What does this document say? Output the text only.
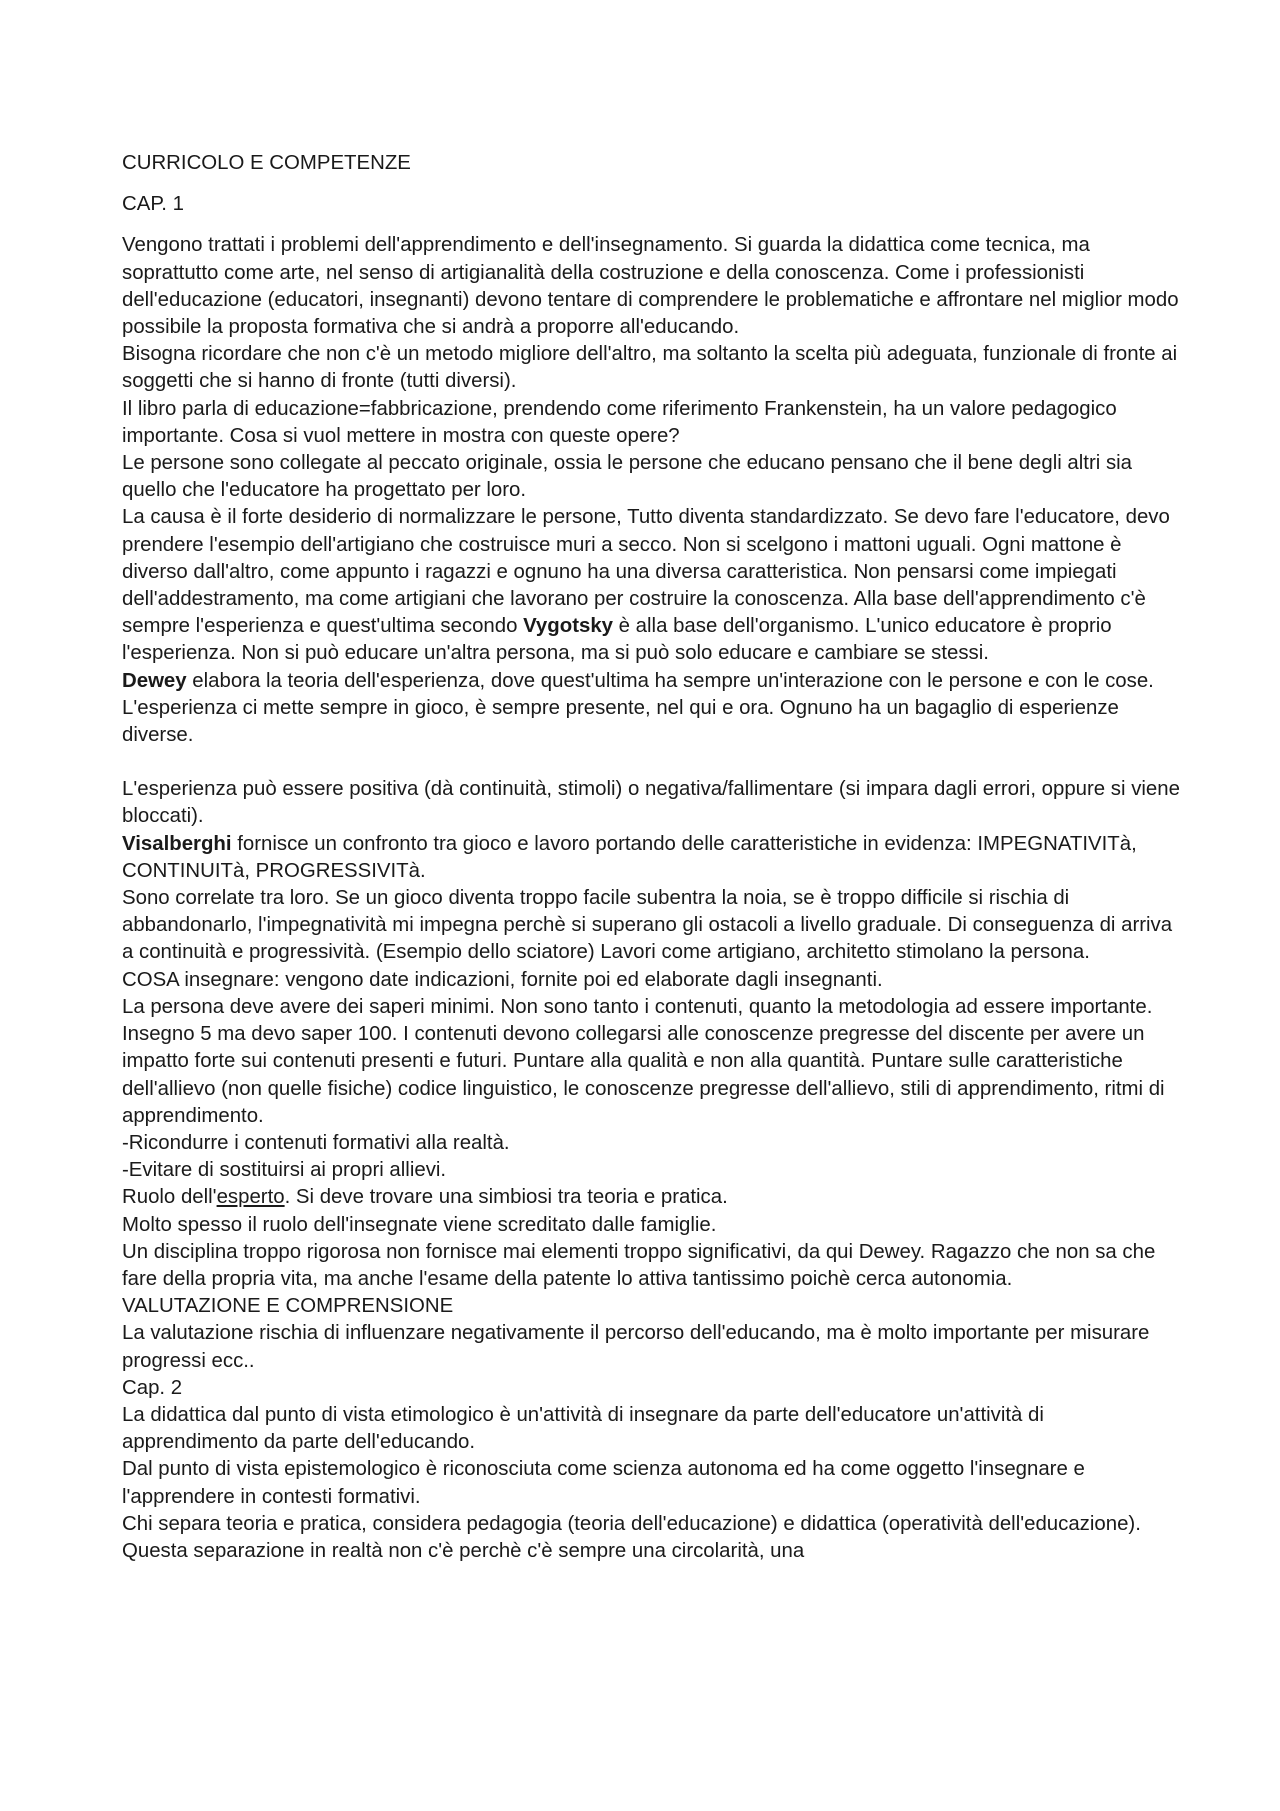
CURRICOLO E COMPETENZE

CAP. 1

Vengono trattati i problemi dell'apprendimento e dell'insegnamento. Si guarda la didattica come tecnica, ma soprattutto come arte, nel senso di artigianalità della costruzione e della conoscenza. Come i professionisti dell'educazione (educatori, insegnanti) devono tentare di comprendere le problematiche e affrontare nel miglior modo possibile la proposta formativa che si andrà a proporre all'educando.

Bisogna ricordare che non c'è un metodo migliore dell'altro, ma soltanto la scelta più adeguata, funzionale di fronte ai soggetti che si hanno di fronte (tutti diversi).

Il libro parla di educazione=fabbricazione, prendendo come riferimento Frankenstein, ha un valore pedagogico importante. Cosa si vuol mettere in mostra con queste opere?

Le persone sono collegate al peccato originale, ossia le persone che educano pensano che il bene degli altri sia quello che l'educatore ha progettato per loro.

La causa è il forte desiderio di normalizzare le persone, Tutto diventa standardizzato. Se devo fare l'educatore, devo prendere l'esempio dell'artigiano che costruisce muri a secco. Non si scelgono i mattoni uguali. Ogni mattone è diverso dall'altro, come appunto i ragazzi e ognuno ha una diversa caratteristica. Non pensarsi come impiegati dell'addestramento, ma come artigiani che lavorano per costruire la conoscenza. Alla base dell'apprendimento c'è sempre l'esperienza e quest'ultima secondo Vygotsky è alla base dell'organismo. L'unico educatore è proprio l'esperienza. Non si può educare un'altra persona, ma si può solo educare e cambiare se stessi.

Dewey elabora la teoria dell'esperienza, dove quest'ultima ha sempre un'interazione con le persone e con le cose. L'esperienza ci mette sempre in gioco, è sempre presente, nel qui e ora. Ognuno ha un bagaglio di esperienze diverse.

L'esperienza può essere positiva (dà continuità, stimoli) o negativa/fallimentare (si impara dagli errori, oppure si viene bloccati).

Visalberghi fornisce un confronto tra gioco e lavoro portando delle caratteristiche in evidenza: IMPEGNATIVITà, CONTINUITà, PROGRESSIVITà.

Sono correlate tra loro. Se un gioco diventa troppo facile subentra la noia, se è troppo difficile si rischia di abbandonarlo, l'impegnatività mi impegna perchè si superano gli ostacoli a livello graduale. Di conseguenza di arriva a continuità e progressività. (Esempio dello sciatore) Lavori come artigiano, architetto stimolano la persona.

COSA insegnare: vengono date indicazioni, fornite poi ed elaborate dagli insegnanti.

La persona deve avere dei saperi minimi. Non sono tanto i contenuti, quanto la metodologia ad essere importante. Insegno 5 ma devo saper 100. I contenuti devono collegarsi alle conoscenze pregresse del discente per avere un impatto forte sui contenuti presenti e futuri. Puntare alla qualità e non alla quantità. Puntare sulle caratteristiche dell'allievo (non quelle fisiche) codice linguistico, le conoscenze pregresse dell'allievo, stili di apprendimento, ritmi di apprendimento.

-Ricondurre i contenuti formativi alla realtà.

-Evitare di sostituirsi ai propri allievi.

Ruolo dell'esperto. Si deve trovare una simbiosi tra teoria e pratica.

Molto spesso il ruolo dell'insegnate viene screditato dalle famiglie.

Un disciplina troppo rigorosa non fornisce mai elementi troppo significativi, da qui Dewey. Ragazzo che non sa che fare della propria vita, ma anche l'esame della patente lo attiva tantissimo poichè cerca autonomia.

VALUTAZIONE E COMPRENSIONE

La valutazione rischia di influenzare negativamente il percorso dell'educando, ma è molto importante per misurare progressi ecc..

Cap. 2

La didattica dal punto di vista etimologico è un'attività di insegnare da parte dell'educatore un'attività di apprendimento da parte dell'educando.

Dal punto di vista epistemologico è riconosciuta come scienza autonoma ed ha come oggetto l'insegnare e l'apprendere in contesti formativi.

Chi separa teoria e pratica, considera pedagogia (teoria dell'educazione) e didattica (operatività dell'educazione). Questa separazione in realtà non c'è perchè c'è sempre una circolarità, una
